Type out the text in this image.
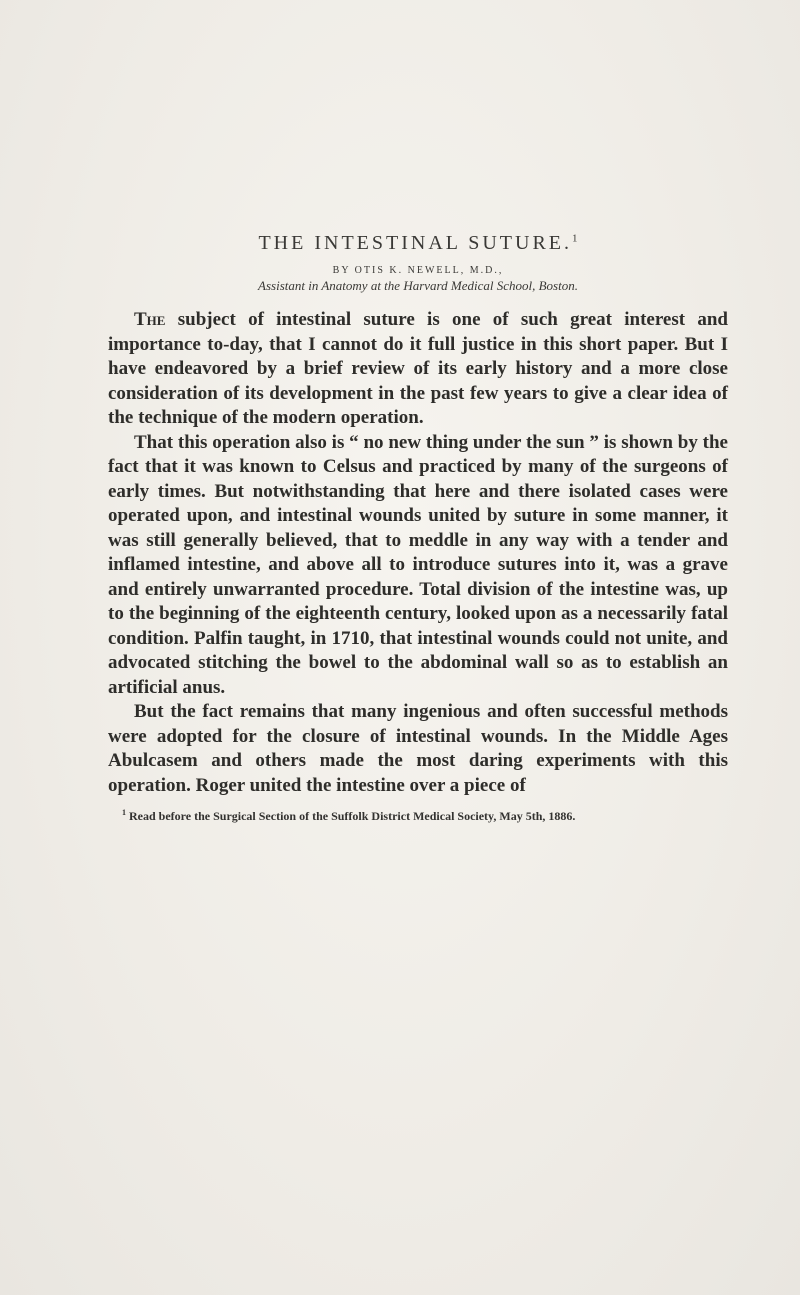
THE INTESTINAL SUTURE.$^1$
BY OTIS K. NEWELL, M.D.,
Assistant in Anatomy at the Harvard Medical School, Boston.

The subject of intestinal suture is one of such great interest and importance to-day, that I cannot do it full justice in this short paper. But I have endeavored by a brief review of its early history and a more close consideration of its development in the past few years to give a clear idea of the technique of the modern operation.

That this operation also is “ no new thing under the sun ” is shown by the fact that it was known to Celsus and practiced by many of the surgeons of early times. But notwithstanding that here and there isolated cases were operated upon, and intestinal wounds united by suture in some manner, it was still generally believed, that to meddle in any way with a tender and inflamed intestine, and above all to introduce sutures into it, was a grave and entirely unwarranted procedure. Total division of the intestine was, up to the beginning of the eighteenth century, looked upon as a necessarily fatal condition. Palfin taught, in 1710, that intestinal wounds could not unite, and advocated stitching the bowel to the abdominal wall so as to establish an artificial anus.

But the fact remains that many ingenious and often successful methods were adopted for the closure of intestinal wounds. In the Middle Ages Abulcasem and others made the most daring experiments with this operation. Roger united the intestine over a piece of

$^1$ Read before the Surgical Section of the Suffolk District Medical Society, May 5th, 1886.
